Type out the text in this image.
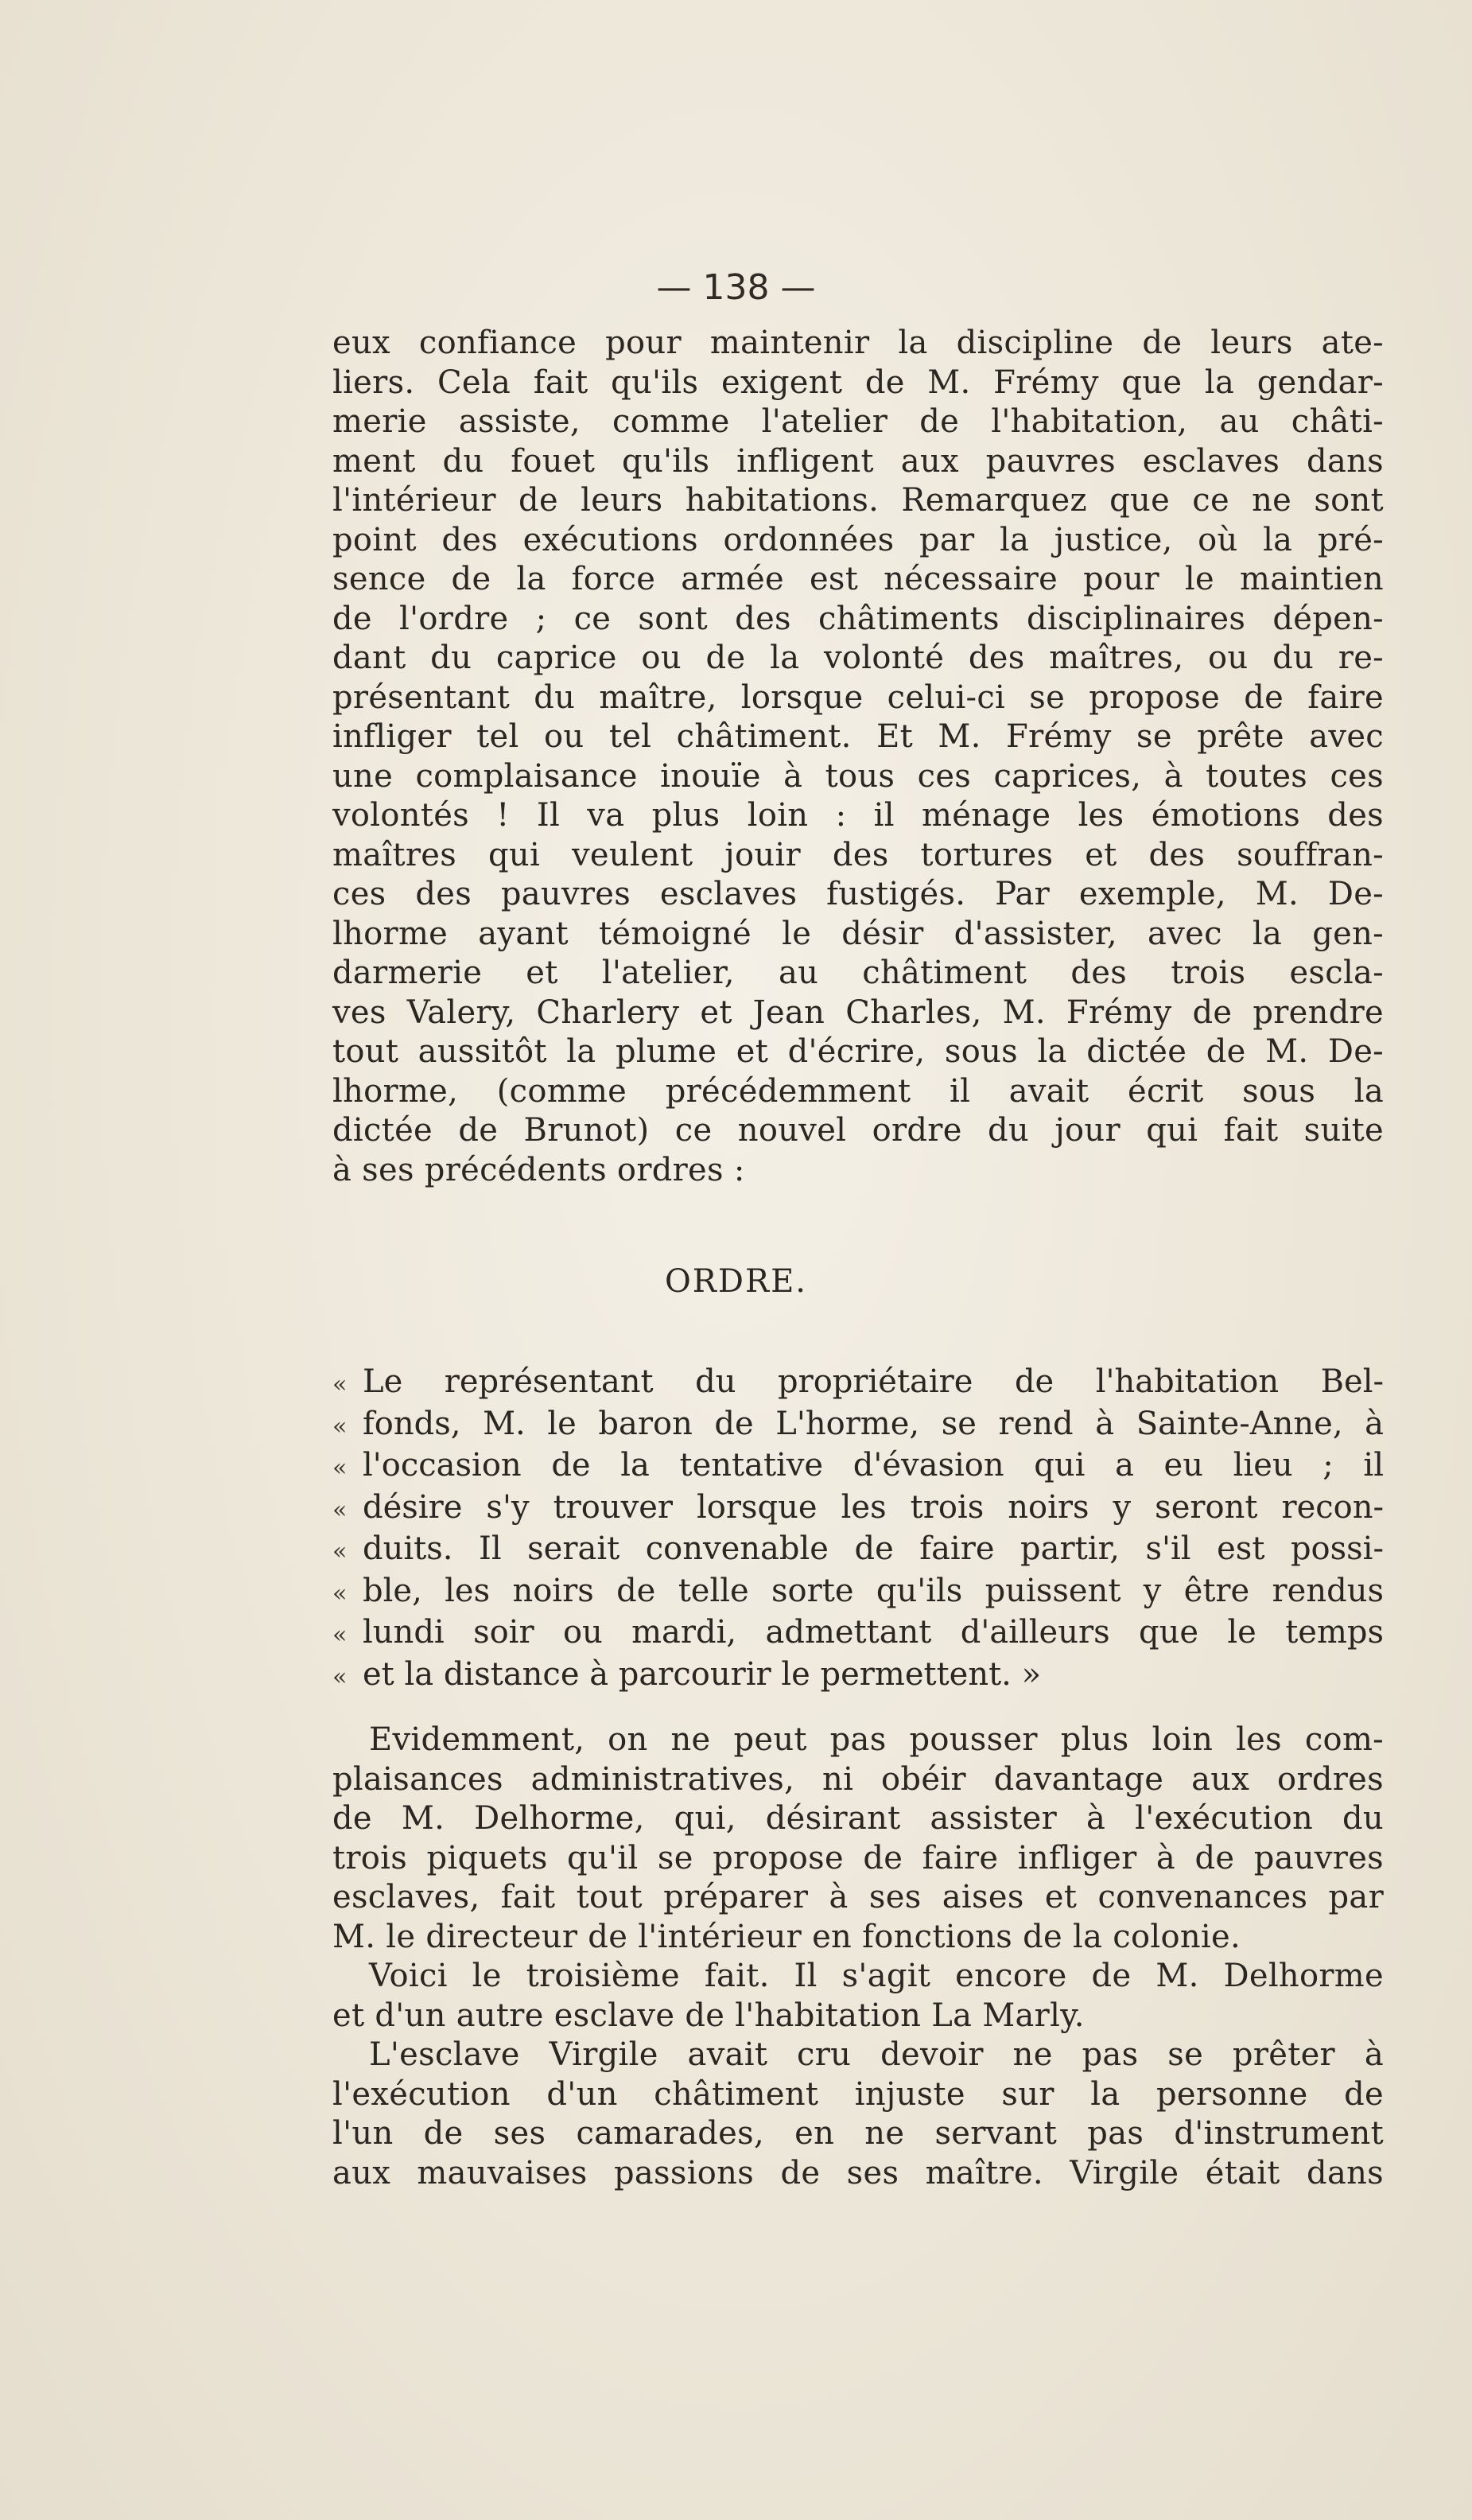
— 138 —
eux confiance pour maintenir la discipline de leurs ate-
liers. Cela fait qu'ils exigent de M. Frémy que la gendar-
merie assiste, comme l'atelier de l'habitation, au châti-
ment du fouet qu'ils infligent aux pauvres esclaves dans
l'intérieur de leurs habitations. Remarquez que ce ne sont
point des exécutions ordonnées par la justice, où la pré-
sence de la force armée est nécessaire pour le maintien
de l'ordre ; ce sont des châtiments disciplinaires dépen-
dant du caprice ou de la volonté des maîtres, ou du re-
présentant du maître, lorsque celui-ci se propose de faire
infliger tel ou tel châtiment. Et M. Frémy se prête avec
une complaisance inouïe à tous ces caprices, à toutes ces
volontés ! Il va plus loin : il ménage les émotions des
maîtres qui veulent jouir des tortures et des souffran-
ces des pauvres esclaves fustigés. Par exemple, M. De-
lhorme ayant témoigné le désir d'assister, avec la gen-
darmerie et l'atelier, au châtiment des trois escla-
ves Valery, Charlery et Jean Charles, M. Frémy de prendre
tout aussitôt la plume et d'écrire, sous la dictée de M. De-
lhorme, (comme précédemment il avait écrit sous la
dictée de Brunot) ce nouvel ordre du jour qui fait suite
à ses précédents ordres :
ORDRE.
« Le représentant du propriétaire de l'habitation Bel-
« fonds, M. le baron de L'horme, se rend à Sainte-Anne, à
« l'occasion de la tentative d'évasion qui a eu lieu ; il
« désire s'y trouver lorsque les trois noirs y seront recon-
« duits. Il serait convenable de faire partir, s'il est possi-
« ble, les noirs de telle sorte qu'ils puissent y être rendus
« lundi soir ou mardi, admettant d'ailleurs que le temps
« et la distance à parcourir le permettent. »
Evidemment, on ne peut pas pousser plus loin les com-
plaisances administratives, ni obéir davantage aux ordres
de M. Delhorme, qui, désirant assister à l'exécution du
trois piquets qu'il se propose de faire infliger à de pauvres
esclaves, fait tout préparer à ses aises et convenances par
M. le directeur de l'intérieur en fonctions de la colonie.
Voici le troisième fait. Il s'agit encore de M. Delhorme
et d'un autre esclave de l'habitation La Marly.
L'esclave Virgile avait cru devoir ne pas se prêter à
l'exécution d'un châtiment injuste sur la personne de
l'un de ses camarades, en ne servant pas d'instrument
aux mauvaises passions de ses maître. Virgile était dans
